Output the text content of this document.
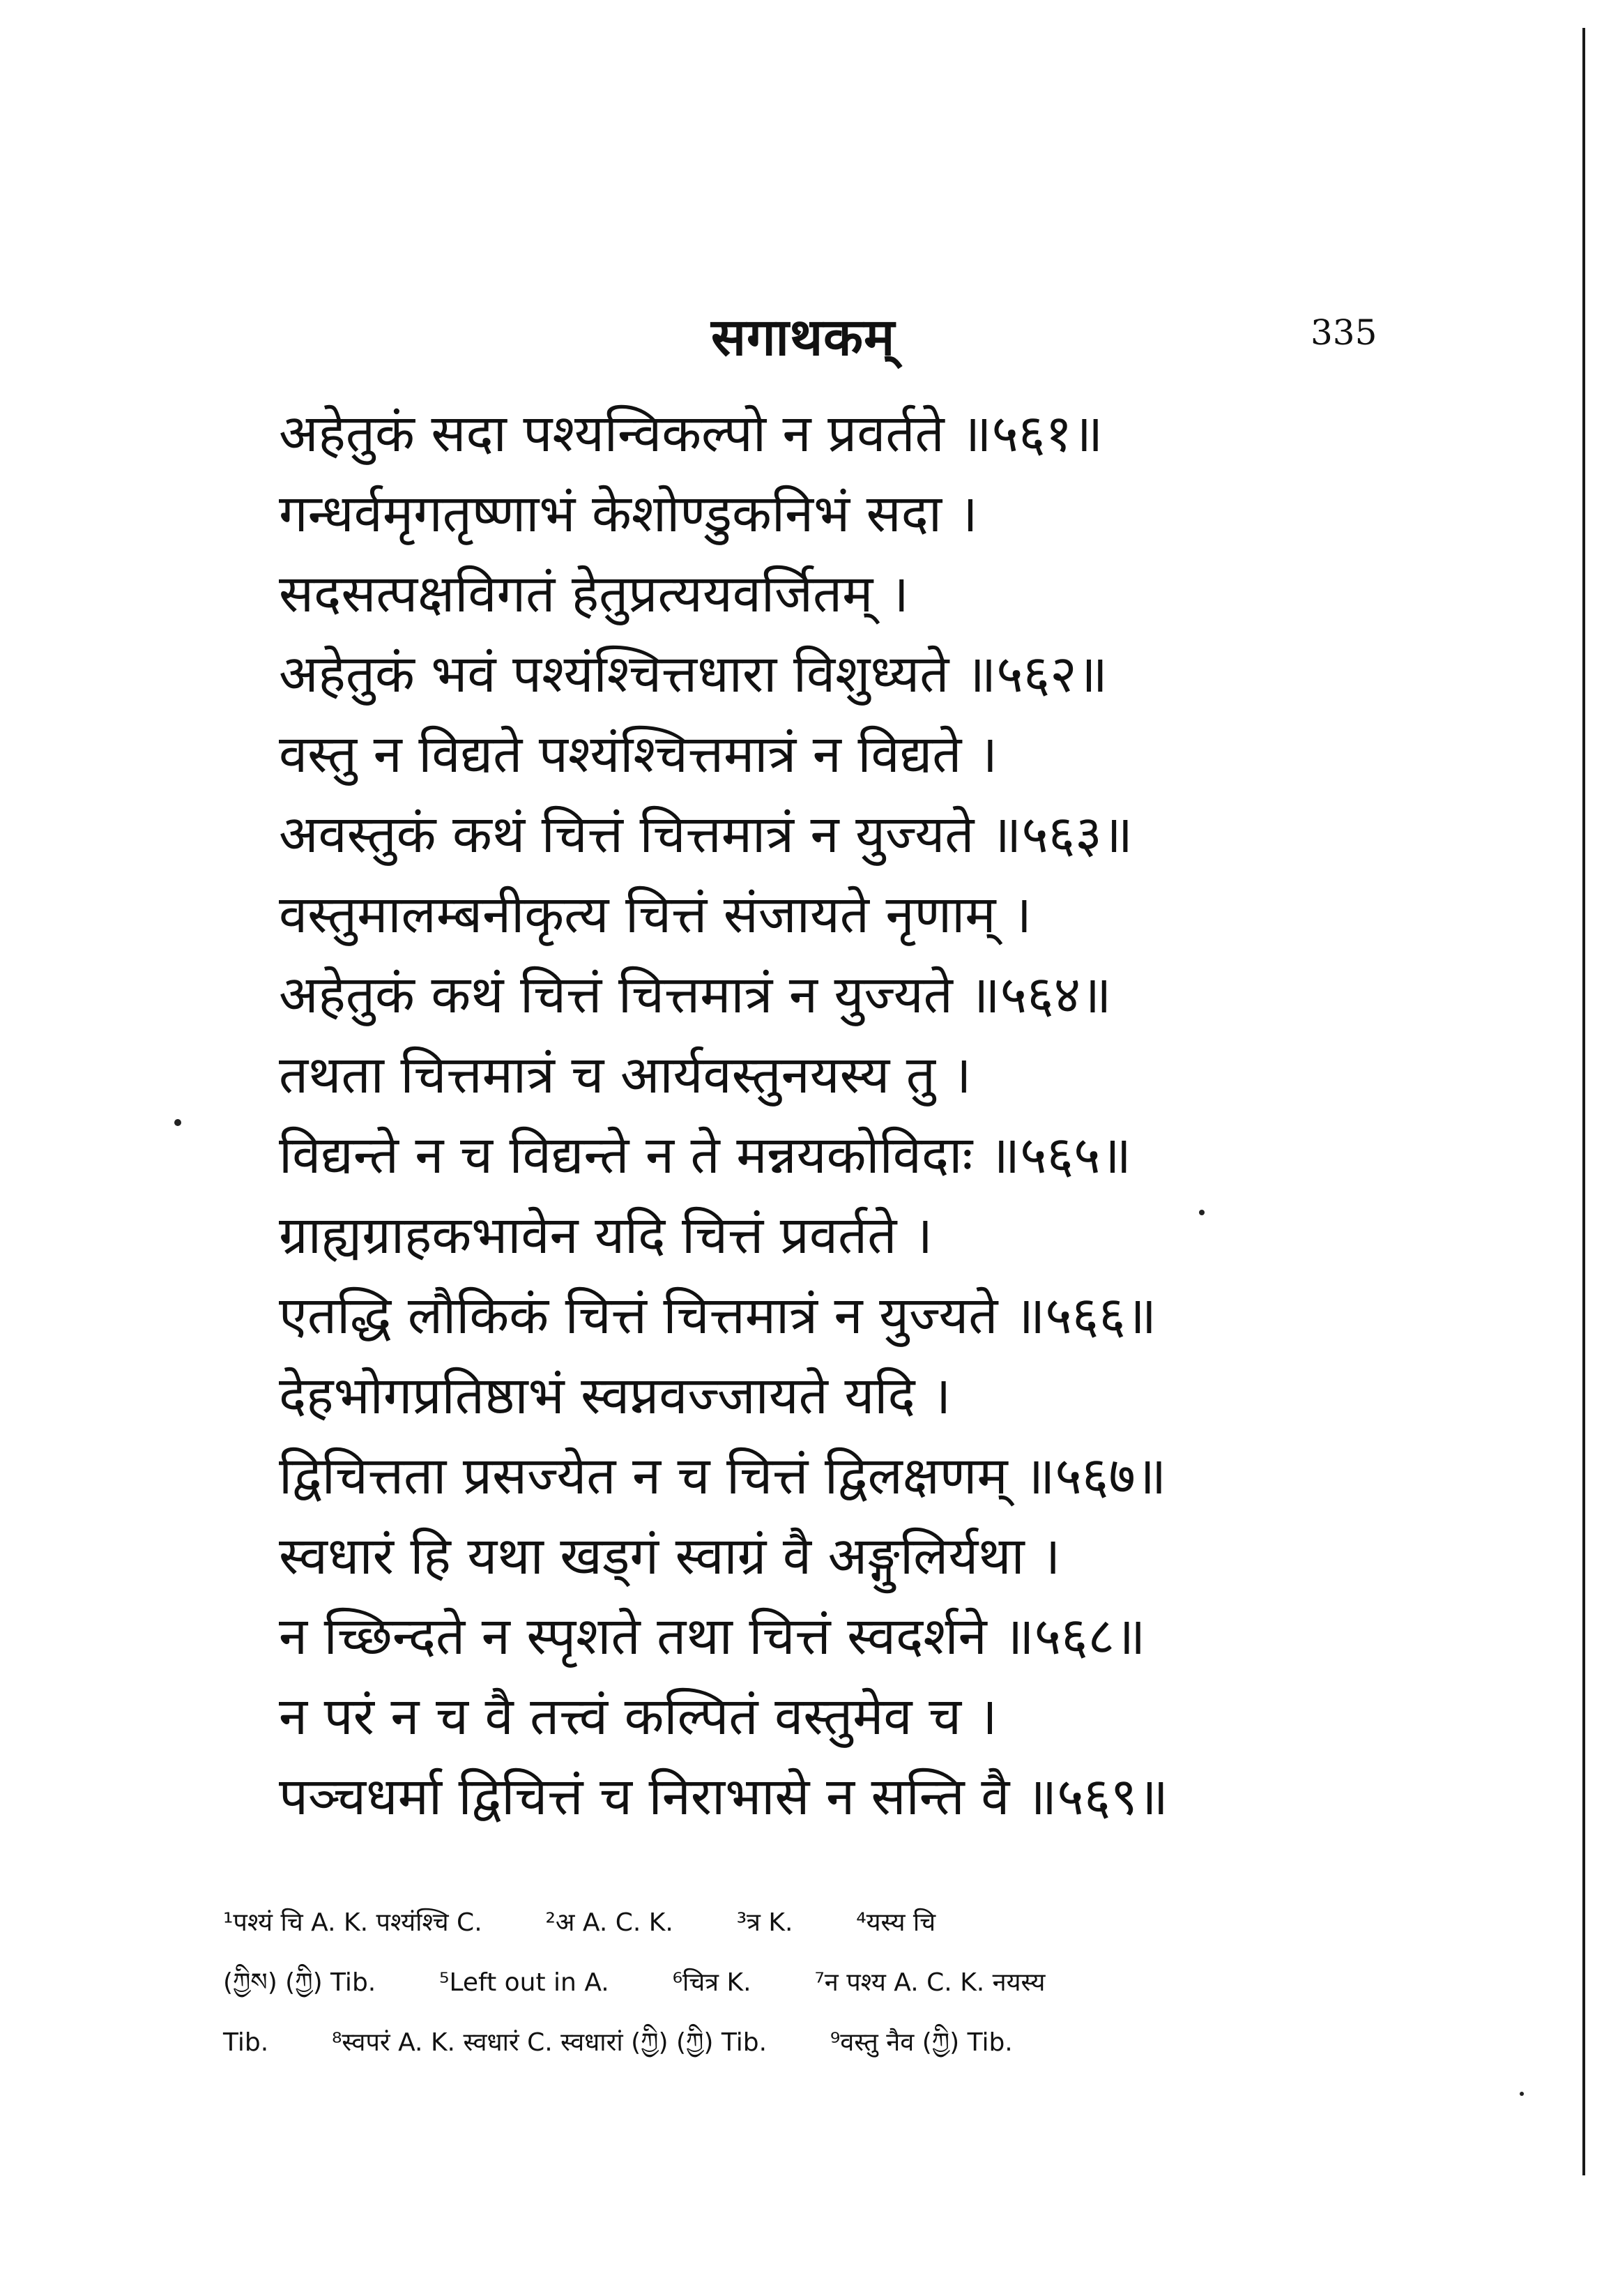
सगाथकम्	335
अहेतुकं सदा पश्यन्विकल्पो न प्रवर्तते ॥५६१॥
गन्धर्वमृगतृष्णाभं केशोण्डुकनिभं सदा ।
सदसत्पक्षविगतं हेतुप्रत्ययवर्जितम् ।
अहेतुकं भवं पश्यंश्चित्तधारा विशुध्यते ॥५६२॥
वस्तु न विद्यते पश्यंश्चित्तमात्रं न विद्यते ।
अवस्तुकं कथं चित्तं चित्तमात्रं न युज्यते ॥५६३॥
वस्तुमालम्बनीकृत्य चित्तं संजायते नृणाम् ।
अहेतुकं कथं चित्तं चित्तमात्रं न युज्यते ॥५६४॥
तथता चित्तमात्रं च आर्यवस्तुनयस्य तु ।
विद्यन्ते न च विद्यन्ते न ते मन्नयकोविदाः ॥५६५॥
ग्राह्यग्राहकभावेन यदि चित्तं प्रवर्तते ।
एतद्धि लौकिकं चित्तं चित्तमात्रं न युज्यते ॥५६६॥
देहभोगप्रतिष्ठाभं स्वप्नवज्जायते यदि ।
द्विचित्तता प्रसज्येत न च चित्तं द्विलक्षणम् ॥५६७॥
स्वधारं हि यथा खड्गं स्वाग्रं वै अङ्गुलिर्यथा ।
न च्छिन्दते न स्पृशते तथा चित्तं स्वदर्शने ॥५६८॥
न परं न च वै तत्त्वं कल्पितं वस्तुमेव च ।
पञ्चधर्मा द्विचित्तं च निराभासे न सन्ति वै ॥५६९॥
¹पश्यं चि A. K. पश्यंश्चि C.	²अ A. C. K.	³त्र K.	⁴यस्य चि
(ཀྱིས) (ཀྱི) Tib.	⁵Left out in A.	⁶चित्र K.	⁷न पश्य A. C. K. नयस्य
Tib.	⁸स्वपरं A. K. स्वधारं C. स्वधारां (ཀྱི) (ཀྱི) Tib.	⁹वस्तु नैव (ཀྱི) Tib.
